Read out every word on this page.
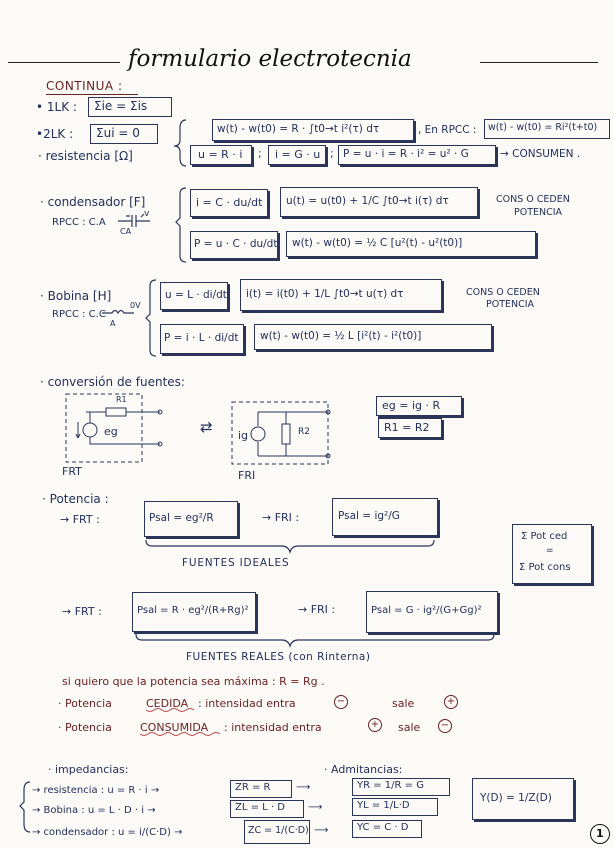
formulario electrotecnia
CONTINUA :
• 1LK : Σie = Σis
•2LK : Σui = 0
· resistencia [Ω]
w(t) - w(t0) = R · ∫t0→t i²(τ) dτ	, En RPCC : w(t) - w(t0) = Ri²(t+t0)
u = R · i ; i = G · u ; P = u · i = R · i² = u² · G	→ CONSUMEN .
· condensador [F]
RPCC : C.A
v
CA
i = C · du/dt u(t) = u(t0) + 1/C ∫t0→t i(τ) dτ	CONS O CEDEN
POTENCIA
P = u · C · du/dt w(t) - w(t0) = ½ C [u²(t) - u²(t0)]
· Bobina [H]
RPCC : C.C
0V
A
u = L · di/dt i(t) = i(t0) + 1/L ∫t0→t u(τ) dτ	CONS O CEDEN
POTENCIA
P = i · L · di/dt w(t) - w(t0) = ½ L [i²(t) - i²(t0)]
· conversión de fuentes:
R1
eg	ig	R2
⇄
FRT	FRI
eg = ig · R
R1 = R2
· Potencia :
→ FRT :	Psal = eg²/R	→ FRI :	Psal = ig²/G
FUENTES IDEALES
Σ Pot ced
=
Σ Pot cons
→ FRT :	Psal = R · eg²/(R+Rg)²	→ FRI :	Psal = G · ig²/(G+Gg)²
FUENTES REALES (con Rinterna)
si quiero que la potencia sea máxima : R = Rg .
· Potencia	CEDIDA : intensidad entra	−	sale	+
· Potencia	CONSUMIDA : intensidad entra	+ sale −
· impedancias:	· Admitancias:
→ resistencia : u = R · i →	ZR = R	⟶	YR = 1/R = G
→ Bobina : u = L · D · i →	ZL = L · D ⟶	YL = 1/L·D
→ condensador : u = i/(C·D) →	ZC = 1/(C·D) ⟶	YC = C · D
Y(D) = 1/Z(D)
1
